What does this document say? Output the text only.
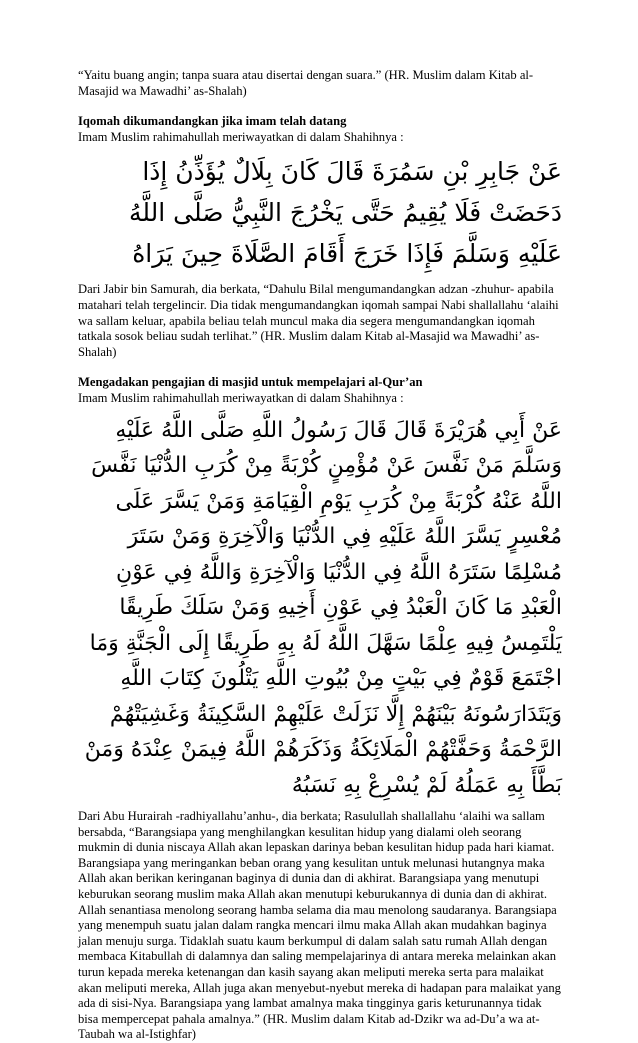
“Yaitu buang angin; tanpa suara atau disertai dengan suara.” (HR. Muslim dalam Kitab al-Masajid wa Mawadhi’ as-Shalah)

Iqomah dikumandangkan jika imam telah datang

Imam Muslim rahimahullah meriwayatkan di dalam Shahihnya :

عَنْ جَابِرِ بْنِ سَمُرَةَ قَالَ كَانَ بِلَالٌ يُؤَذِّنُ إِذَا دَحَضَتْ فَلَا يُقِيمُ حَتَّى يَخْرُجَ النَّبِيُّ صَلَّى اللَّهُ عَلَيْهِ وَسَلَّمَ فَإِذَا خَرَجَ أَقَامَ الصَّلَاةَ حِينَ يَرَاهُ

Dari Jabir bin Samurah, dia berkata, “Dahulu Bilal mengumandangkan adzan -zhuhur- apabila matahari telah tergelincir. Dia tidak mengumandangkan iqomah sampai Nabi shallallahu ‘alaihi wa sallam keluar, apabila beliau telah muncul maka dia segera mengumandangkan iqomah tatkala sosok beliau sudah terlihat.” (HR. Muslim dalam Kitab al-Masajid wa Mawadhi’ as-Shalah)

Mengadakan pengajian di masjid untuk mempelajari al-Qur’an

Imam Muslim rahimahullah meriwayatkan di dalam Shahihnya :

عَنْ أَبِي هُرَيْرَةَ قَالَ قَالَ رَسُولُ اللَّهِ صَلَّى اللَّهُ عَلَيْهِ وَسَلَّمَ مَنْ نَفَّسَ عَنْ مُؤْمِنٍ كُرْبَةً مِنْ كُرَبِ الدُّنْيَا نَفَّسَ اللَّهُ عَنْهُ كُرْبَةً مِنْ كُرَبِ يَوْمِ الْقِيَامَةِ وَمَنْ يَسَّرَ عَلَى مُعْسِرٍ يَسَّرَ اللَّهُ عَلَيْهِ فِي الدُّنْيَا وَالْآخِرَةِ وَمَنْ سَتَرَ مُسْلِمًا سَتَرَهُ اللَّهُ فِي الدُّنْيَا وَالْآخِرَةِ وَاللَّهُ فِي عَوْنِ الْعَبْدِ مَا كَانَ الْعَبْدُ فِي عَوْنِ أَخِيهِ وَمَنْ سَلَكَ طَرِيقًا يَلْتَمِسُ فِيهِ عِلْمًا سَهَّلَ اللَّهُ لَهُ بِهِ طَرِيقًا إِلَى الْجَنَّةِ وَمَا اجْتَمَعَ قَوْمٌ فِي بَيْتٍ مِنْ بُيُوتِ اللَّهِ يَتْلُونَ كِتَابَ اللَّهِ وَيَتَدَارَسُونَهُ بَيْنَهُمْ إِلَّا نَزَلَتْ عَلَيْهِمْ السَّكِينَةُ وَغَشِيَتْهُمْ الرَّحْمَةُ وَحَفَّتْهُمْ الْمَلَائِكَةُ وَذَكَرَهُمْ اللَّهُ فِيمَنْ عِنْدَهُ وَمَنْ بَطَّأَ بِهِ عَمَلُهُ لَمْ يُسْرِعْ بِهِ نَسَبُهُ

Dari Abu Hurairah -radhiyallahu’anhu-, dia berkata; Rasulullah shallallahu ‘alaihi wa sallam bersabda, “Barangsiapa yang menghilangkan kesulitan hidup yang dialami oleh seorang mukmin di dunia niscaya Allah akan lepaskan darinya beban kesulitan hidup pada hari kiamat. Barangsiapa yang meringankan beban orang yang kesulitan untuk melunasi hutangnya maka Allah akan berikan keringanan baginya di dunia dan di akhirat. Barangsiapa yang menutupi keburukan seorang muslim maka Allah akan menutupi keburukannya di dunia dan di akhirat. Allah senantiasa menolong seorang hamba selama dia mau menolong saudaranya. Barangsiapa yang menempuh suatu jalan dalam rangka mencari ilmu maka Allah akan mudahkan baginya jalan menuju surga. Tidaklah suatu kaum berkumpul di dalam salah satu rumah Allah dengan membaca Kitabullah di dalamnya dan saling mempelajarinya di antara mereka melainkan akan turun kepada mereka ketenangan dan kasih sayang akan meliputi mereka serta para malaikat akan meliputi mereka, Allah juga akan menyebut-nyebut mereka di hadapan para malaikat yang ada di sisi-Nya. Barangsiapa yang lambat amalnya maka tingginya garis keturunannya tidak bisa mempercepat pahala amalnya.” (HR. Muslim dalam Kitab ad-Dzikr wa ad-Du’a wa at-Taubah wa al-Istighfar)
